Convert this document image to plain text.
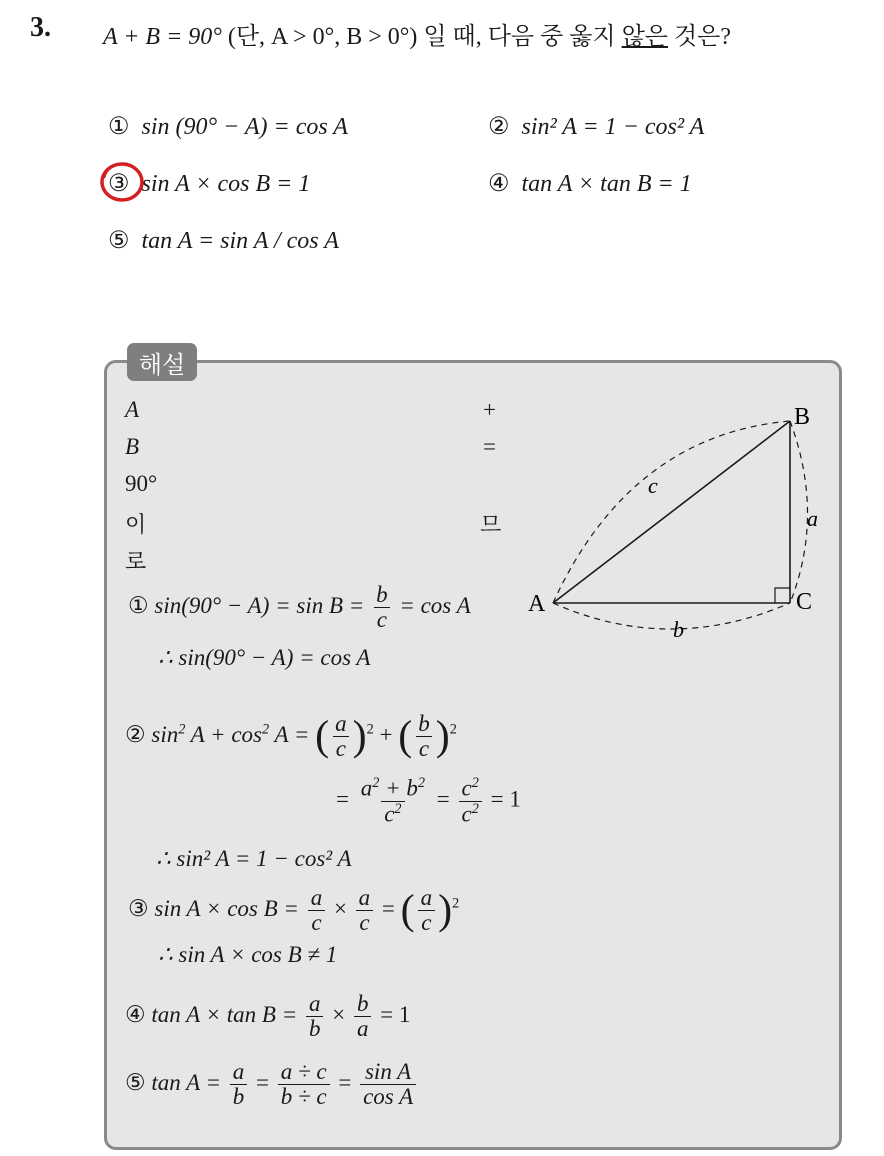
3. A + B = 90° (단, A > 0°, B > 0°) 일 때, 다음 중 옳지 않은 것은?
① sin (90° − A) = cos A	② sin² A = 1 − cos² A
③ sin A × cos B = 1	④ tan A × tan B = 1
⑤ tan A = sin A / cos A
해설
A
B
90°
이
로
+
=
므
A
B
C
a
c
b
① $\sin(90^\circ - A) = \sin B = \frac{b}{c} = \cos A$
∴ sin(90° − A) = cos A
② $\sin^2 A + \cos^2 A$ = ( $\frac{a}{c} )^2$ + ( $\frac{b}{c} )^2$
= $\frac{a^2 + b^2}{c^2} = \frac{c^2}{c^2} = 1$
∴ sin² A = 1 − cos² A
③ $\sin A \times \cos B = \frac{a}{c} \times \frac{a}{c}$ = ( $\frac{a}{c} )^2$
∴ sin A × cos B ≠ 1
④ $\tan A \times \tan B = \frac{a}{b} \times \frac{b}{a} = 1$
⑤ $\tan A = \frac{a}{b} = \frac{a \div c}{b \div c} = \frac{\text{sin A}}{\text{cos A}}$
